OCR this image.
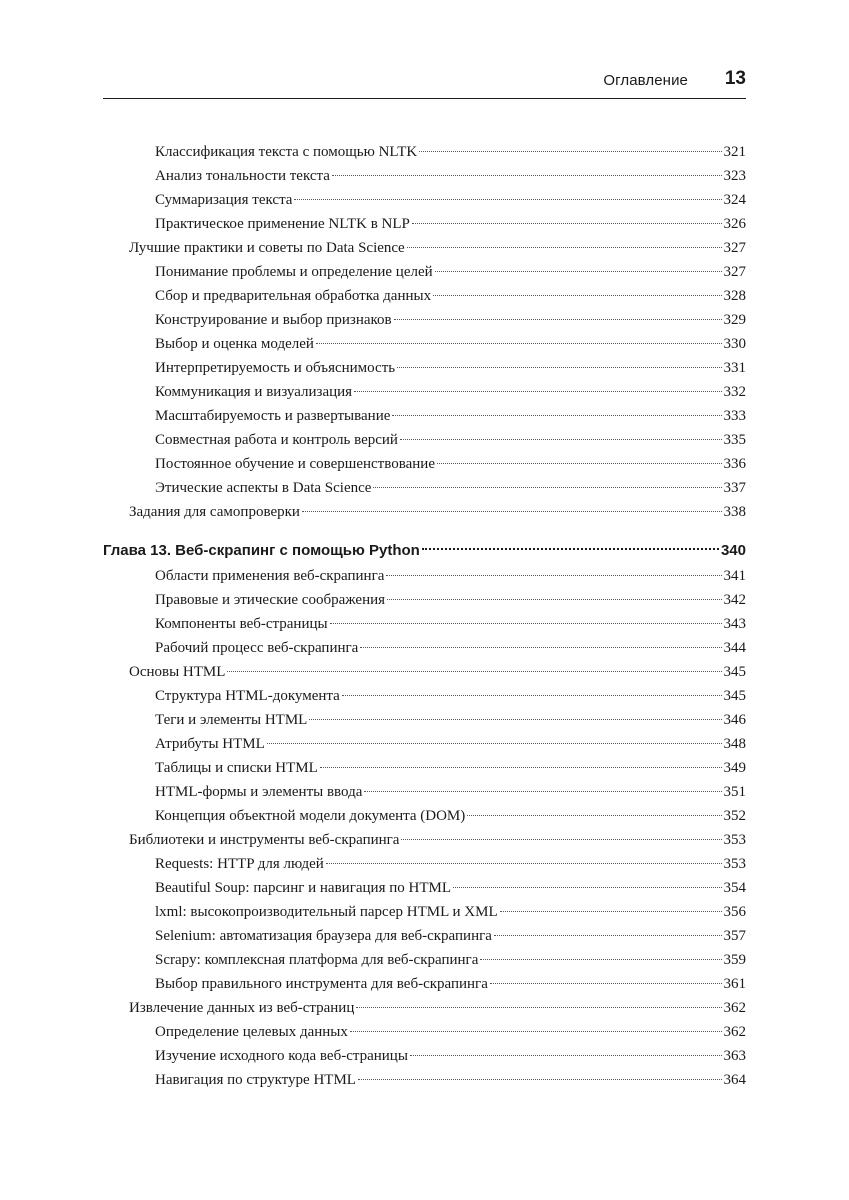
Оглавление 13
Классификация текста с помощью NLTK	321
Анализ тональности текста	323
Суммаризация текста	324
Практическое применение NLTK в NLP	326
Лучшие практики и советы по Data Science	327
Понимание проблемы и определение целей	327
Сбор и предварительная обработка данных	328
Конструирование и выбор признаков	329
Выбор и оценка моделей	330
Интерпретируемость и объяснимость	331
Коммуникация и визуализация	332
Масштабируемость и развертывание	333
Совместная работа и контроль версий	335
Постоянное обучение и совершенствование	336
Этические аспекты в Data Science	337
Задания для самопроверки	338
Глава 13. Веб-скрапинг с помощью Python	340
Области применения веб-скрапинга	341
Правовые и этические соображения	342
Компоненты веб-страницы	343
Рабочий процесс веб-скрапинга	344
Основы HTML	345
Структура HTML-документа	345
Теги и элементы HTML	346
Атрибуты HTML	348
Таблицы и списки HTML	349
HTML-формы и элементы ввода	351
Концепция объектной модели документа (DOM)	352
Библиотеки и инструменты веб-скрапинга	353
Requests: HTTP для людей	353
Beautiful Soup: парсинг и навигация по HTML	354
lxml: высокопроизводительный парсер HTML и XML	356
Selenium: автоматизация браузера для веб-скрапинга	357
Scrapy: комплексная платформа для веб-скрапинга	359
Выбор правильного инструмента для веб-скрапинга	361
Извлечение данных из веб-страниц	362
Определение целевых данных	362
Изучение исходного кода веб-страницы	363
Навигация по структуре HTML	364
